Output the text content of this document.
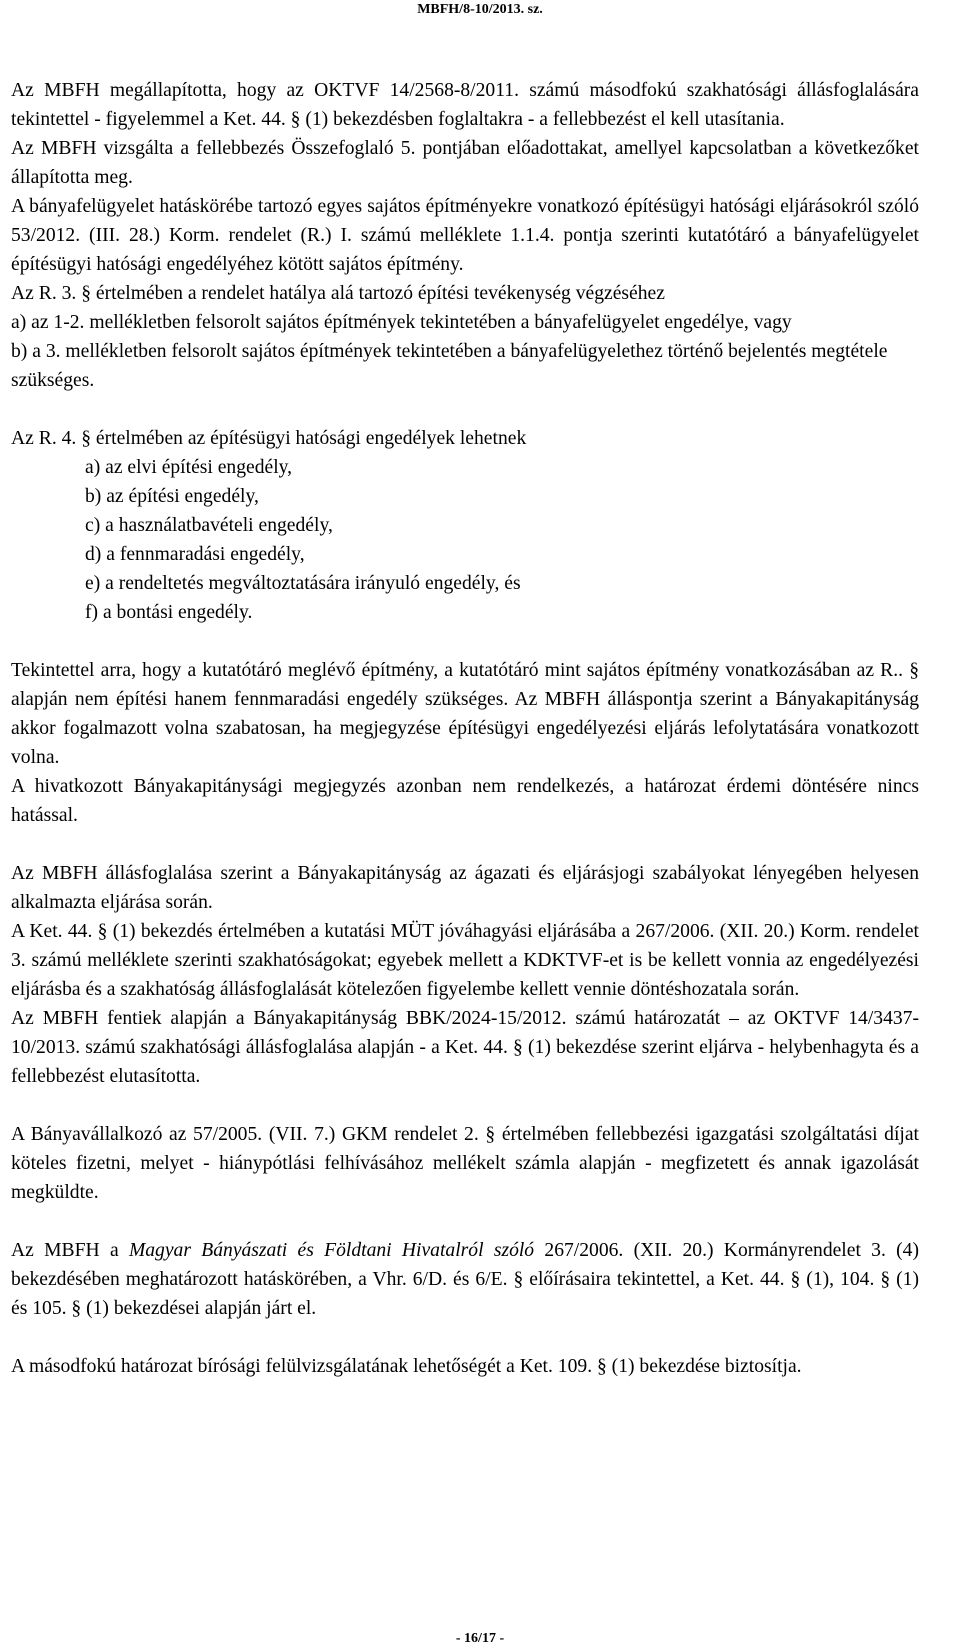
MBFH/8-10/2013. sz.

Az MBFH megállapította, hogy az OKTVF 14/2568-8/2011. számú másodfokú szakhatósági állásfoglalására tekintettel - figyelemmel a Ket. 44. § (1) bekezdésben foglaltakra - a fellebbezést el kell utasítania.

Az MBFH vizsgálta a fellebbezés Összefoglaló 5. pontjában előadottakat, amellyel kapcsolatban a következőket állapította meg.

A bányafelügyelet hatáskörébe tartozó egyes sajátos építményekre vonatkozó építésügyi hatósági eljárásokról szóló 53/2012. (III. 28.) Korm. rendelet (R.) I. számú melléklete 1.1.4. pontja szerinti kutatótáró a bányafelügyelet építésügyi hatósági engedélyéhez kötött sajátos építmény.

Az R. 3. § értelmében a rendelet hatálya alá tartozó építési tevékenység végzéséhez

a) az 1-2. mellékletben felsorolt sajátos építmények tekintetében a bányafelügyelet engedélye, vagy

b) a 3. mellékletben felsorolt sajátos építmények tekintetében a bányafelügyelethez történő bejelentés megtétele szükséges.

Az R. 4. § értelmében az építésügyi hatósági engedélyek lehetnek

a) az elvi építési engedély,

b) az építési engedély,

c) a használatbavételi engedély,

d) a fennmaradási engedély,

e) a rendeltetés megváltoztatására irányuló engedély, és

f) a bontási engedély.

Tekintettel arra, hogy a kutatótáró meglévő építmény, a kutatótáró mint sajátos építmény vonatkozásában az R.. § alapján nem építési hanem fennmaradási engedély szükséges. Az MBFH álláspontja szerint a Bányakapitányság akkor fogalmazott volna szabatosan, ha megjegyzése építésügyi engedélyezési eljárás lefolytatására vonatkozott volna.

A hivatkozott Bányakapitánysági megjegyzés azonban nem rendelkezés, a határozat érdemi döntésére nincs hatással.

Az MBFH állásfoglalása szerint a Bányakapitányság az ágazati és eljárásjogi szabályokat lényegében helyesen alkalmazta eljárása során.

A Ket. 44. § (1) bekezdés értelmében a kutatási MÜT jóváhagyási eljárásába a 267/2006. (XII. 20.) Korm. rendelet 3. számú melléklete szerinti szakhatóságokat; egyebek mellett a KDKTVF-et is be kellett vonnia az engedélyezési eljárásba és a szakhatóság állásfoglalását kötelezően figyelembe kellett vennie döntéshozatala során.

Az MBFH fentiek alapján a Bányakapitányság BBK/2024-15/2012. számú határozatát – az OKTVF 14/3437-10/2013. számú szakhatósági állásfoglalása alapján - a Ket. 44. § (1) bekezdése szerint eljárva - helybenhagyta és a fellebbezést elutasította.

A Bányavállalkozó az 57/2005. (VII. 7.) GKM rendelet 2. § értelmében fellebbezési igazgatási szolgáltatási díjat köteles fizetni, melyet - hiánypótlási felhívásához mellékelt számla alapján - megfizetett és annak igazolását megküldte.

Az MBFH a Magyar Bányászati és Földtani Hivatalról szóló 267/2006. (XII. 20.) Kormányrendelet 3. (4) bekezdésében meghatározott hatáskörében, a Vhr. 6/D. és 6/E. § előírásaira tekintettel, a Ket. 44. § (1), 104. § (1) és 105. § (1) bekezdései alapján járt el.

A másodfokú határozat bírósági felülvizsgálatának lehetőségét a Ket. 109. § (1) bekezdése biztosítja.

- 16/17 -
